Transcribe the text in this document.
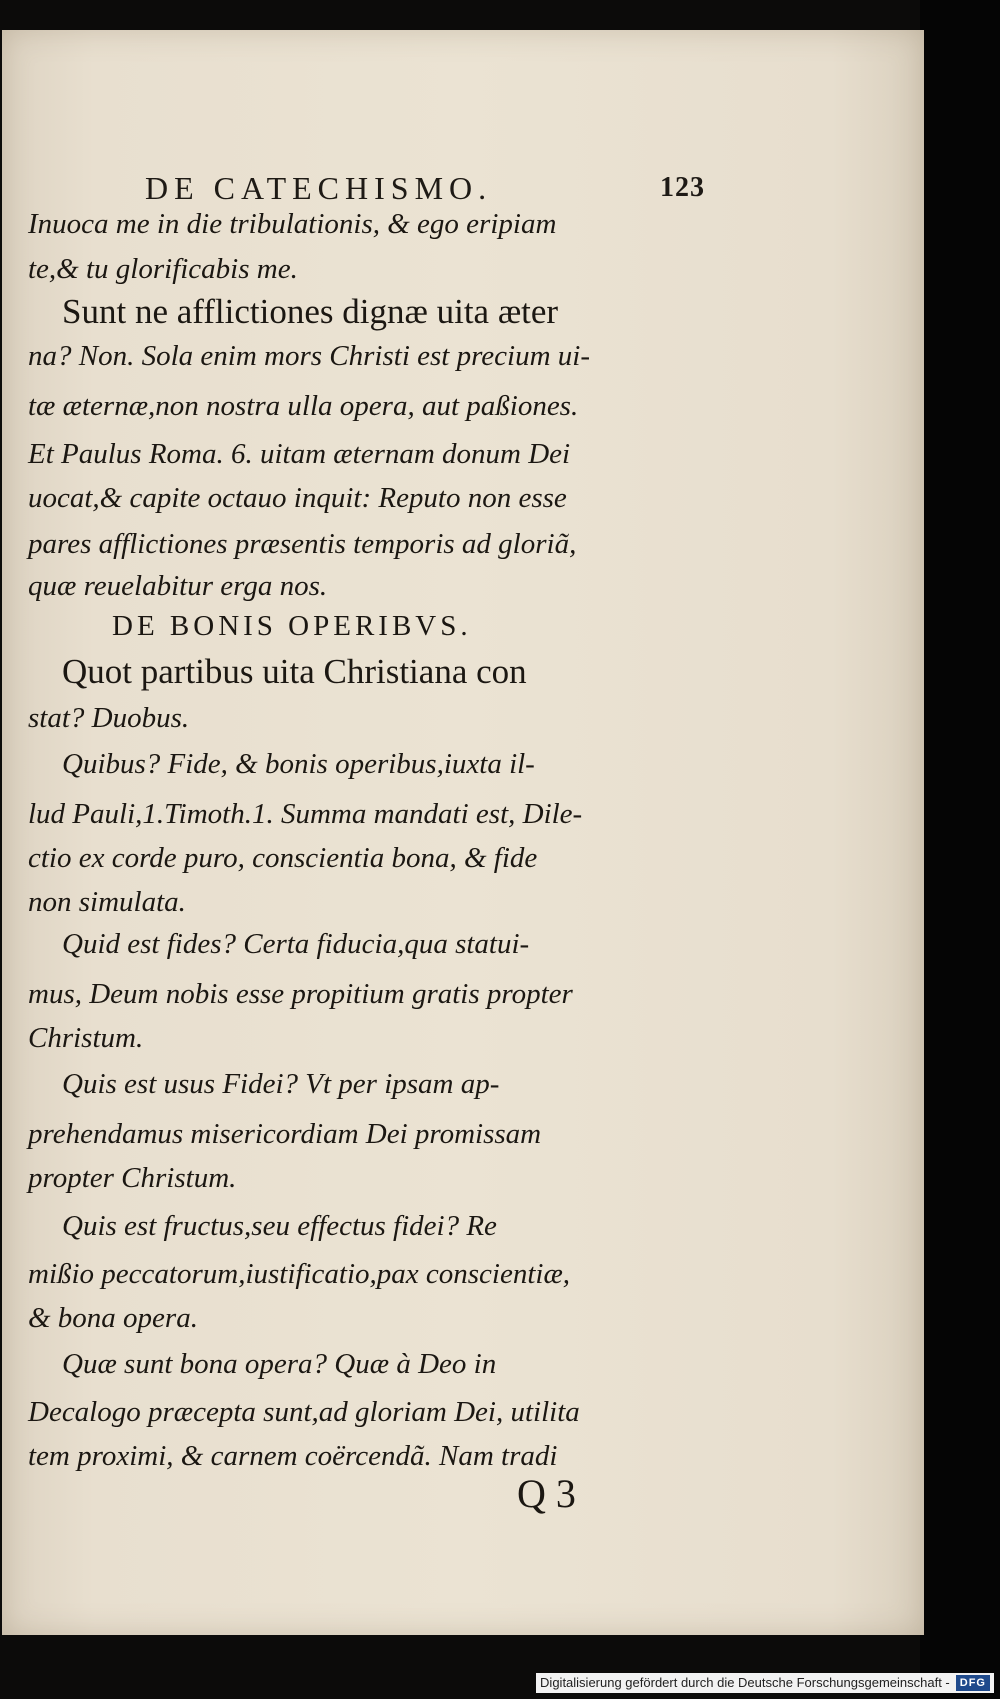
DE CATECHISMO.	123
Inuoca me in die tribulationis, & ego eripiam
te,& tu glorificabis me.
Sunt ne afflictiones dignæ uita æter
na? Non. Sola enim mors Christi est precium ui-
tæ æternæ,non nostra ulla opera, aut paßiones.
Et Paulus Roma. 6. uitam æternam donum Dei
uocat,& capite octauo inquit: Reputo non esse
pares afflictiones præsentis temporis ad gloriã,
quæ reuelabitur erga nos.
DE BONIS OPERIBVS.
Quot partibus uita Christiana con
stat? Duobus.
Quibus? Fide, & bonis operibus,iuxta il-
lud Pauli,1.Timoth.1. Summa mandati est, Dile-
ctio ex corde puro, conscientia bona, & fide
non simulata.
Quid est fides? Certa fiducia,qua statui-
mus, Deum nobis esse propitium gratis propter
Christum.
Quis est usus Fidei? Vt per ipsam ap-
prehendamus misericordiam Dei promissam
propter Christum.
Quis est fructus,seu effectus fidei? Re
mißio peccatorum,iustificatio,pax conscientiæ,
& bona opera.
Quæ sunt bona opera? Quæ à Deo in
Decalogo præcepta sunt,ad gloriam Dei, utilita
tem proximi, & carnem coërcendã. Nam tradi
Q 3
Digitalisierung gefördert durch die Deutsche Forschungsgemeinschaft - DFG
